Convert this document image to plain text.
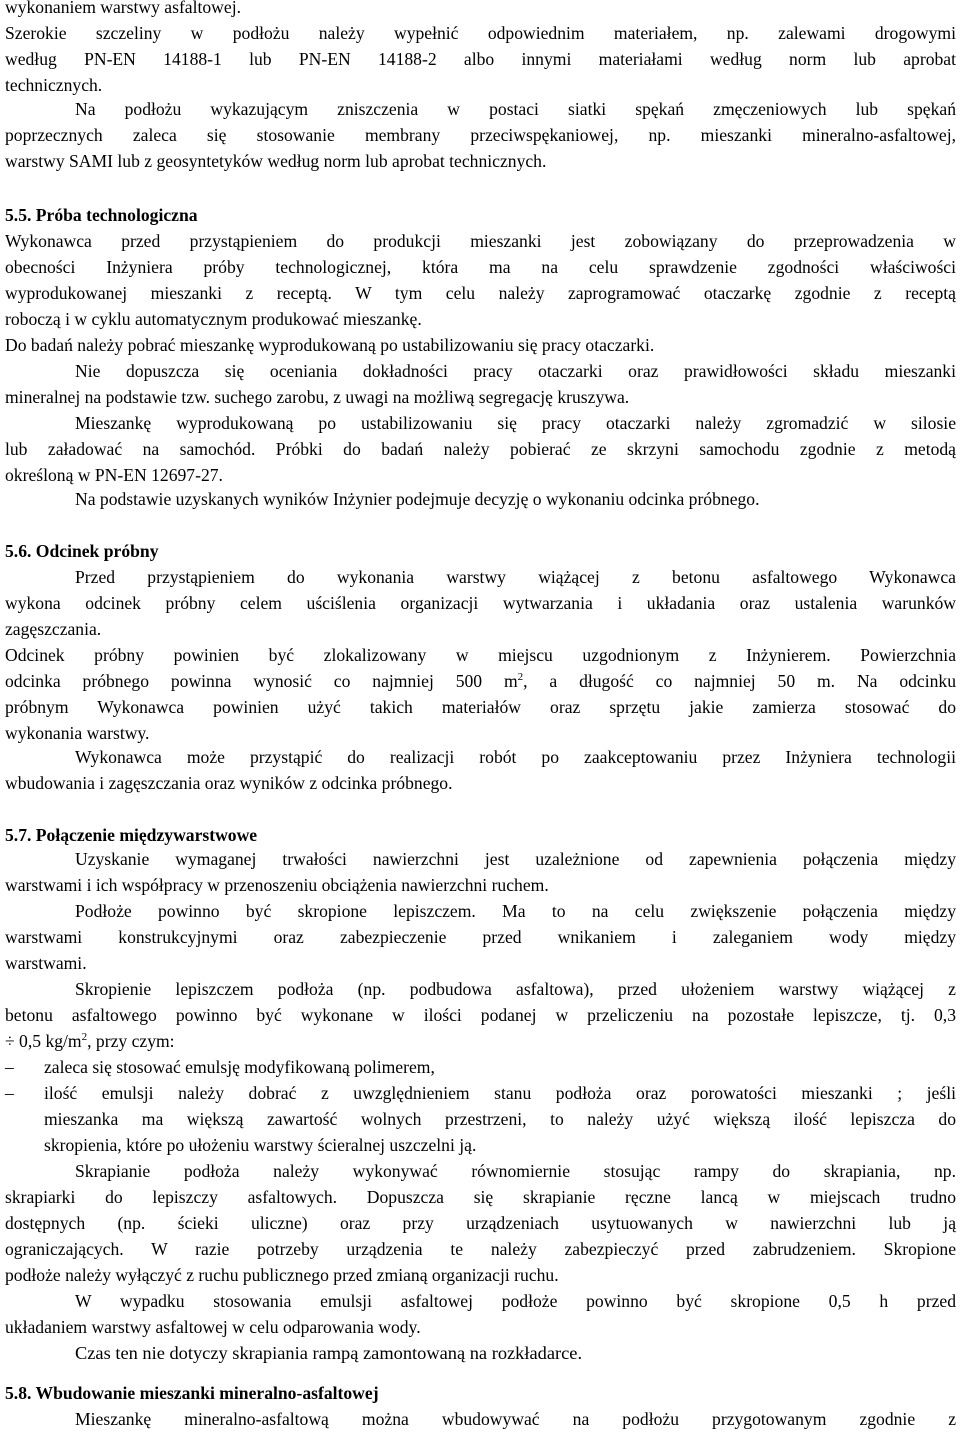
wykonaniem warstwy asfaltowej.
Szerokie szczeliny w podłożu należy wypełnić odpowiednim materiałem, np. zalewami drogowymi
według PN-EN 14188-1 lub PN-EN 14188-2 albo innymi materiałami według norm lub aprobat
technicznych.
Na podłożu wykazującym zniszczenia w postaci siatki spękań zmęczeniowych lub spękań
poprzecznych zaleca się stosowanie membrany przeciwspękaniowej, np. mieszanki mineralno-asfaltowej,
warstwy SAMI lub z geosyntetyków według norm lub aprobat technicznych.
5.5. Próba technologiczna
Wykonawca przed przystąpieniem do produkcji mieszanki jest zobowiązany do przeprowadzenia w
obecności Inżyniera próby technologicznej, która ma na celu sprawdzenie zgodności właściwości
wyprodukowanej mieszanki z receptą. W tym celu należy zaprogramować otaczarkę zgodnie z receptą
roboczą i w cyklu automatycznym produkować mieszankę.
Do badań należy pobrać mieszankę wyprodukowaną po ustabilizowaniu się pracy otaczarki.
Nie dopuszcza się oceniania dokładności pracy otaczarki oraz prawidłowości składu mieszanki
mineralnej na podstawie tzw. suchego zarobu, z uwagi na możliwą segregację kruszywa.
Mieszankę wyprodukowaną po ustabilizowaniu się pracy otaczarki należy zgromadzić w silosie
lub załadować na samochód. Próbki do badań należy pobierać ze skrzyni samochodu zgodnie z metodą
określoną w PN-EN 12697-27.
Na podstawie uzyskanych wyników Inżynier podejmuje decyzję o wykonaniu odcinka próbnego.
5.6. Odcinek próbny
Przed przystąpieniem do wykonania warstwy wiążącej z betonu asfaltowego Wykonawca
wykona odcinek próbny celem uściślenia organizacji wytwarzania i układania oraz ustalenia warunków
zagęszczania.
Odcinek próbny powinien być zlokalizowany w miejscu uzgodnionym z Inżynierem. Powierzchnia
odcinka próbnego powinna wynosić co najmniej 500 $m^2$, a długość co najmniej 50 m. Na odcinku
próbnym Wykonawca powinien użyć takich materiałów oraz sprzętu jakie zamierza stosować do
wykonania warstwy.
Wykonawca może przystąpić do realizacji robót po zaakceptowaniu przez Inżyniera technologii
wbudowania i zagęszczania oraz wyników z odcinka próbnego.
5.7. Połączenie międzywarstwowe
Uzyskanie wymaganej trwałości nawierzchni jest uzależnione od zapewnienia połączenia między
warstwami i ich współpracy w przenoszeniu obciążenia nawierzchni ruchem.
Podłoże powinno być skropione lepiszczem. Ma to na celu zwiększenie połączenia między
warstwami konstrukcyjnymi oraz zabezpieczenie przed wnikaniem i zaleganiem wody między
warstwami.
Skropienie lepiszczem podłoża (np. podbudowa asfaltowa), przed ułożeniem warstwy wiążącej z
betonu asfaltowego powinno być wykonane w ilości podanej w przeliczeniu na pozostałe lepiszcze, tj. 0,3
÷ 0,5 $kg/m^2$, przy czym:
– zaleca się stosować emulsję modyfikowaną polimerem,
– ilość emulsji należy dobrać z uwzględnieniem stanu podłoża oraz porowatości mieszanki ; jeśli
mieszanka ma większą zawartość wolnych przestrzeni, to należy użyć większą ilość lepiszcza do
skropienia, które po ułożeniu warstwy ścieralnej uszczelni ją.
Skrapianie podłoża należy wykonywać równomiernie stosując rampy do skrapiania, np.
skrapiarki do lepiszczy asfaltowych. Dopuszcza się skrapianie ręczne lancą w miejscach trudno
dostępnych (np. ścieki uliczne) oraz przy urządzeniach usytuowanych w nawierzchni lub ją
ograniczających. W razie potrzeby urządzenia te należy zabezpieczyć przed zabrudzeniem. Skropione
podłoże należy wyłączyć z ruchu publicznego przed zmianą organizacji ruchu.
W wypadku stosowania emulsji asfaltowej podłoże powinno być skropione 0,5 h przed
układaniem warstwy asfaltowej w celu odparowania wody.
Czas ten nie dotyczy skrapiania rampą zamontowaną na rozkładarce.
5.8. Wbudowanie mieszanki mineralno-asfaltowej
Mieszankę mineralno-asfaltową można wbudowywać na podłożu przygotowanym zgodnie z
